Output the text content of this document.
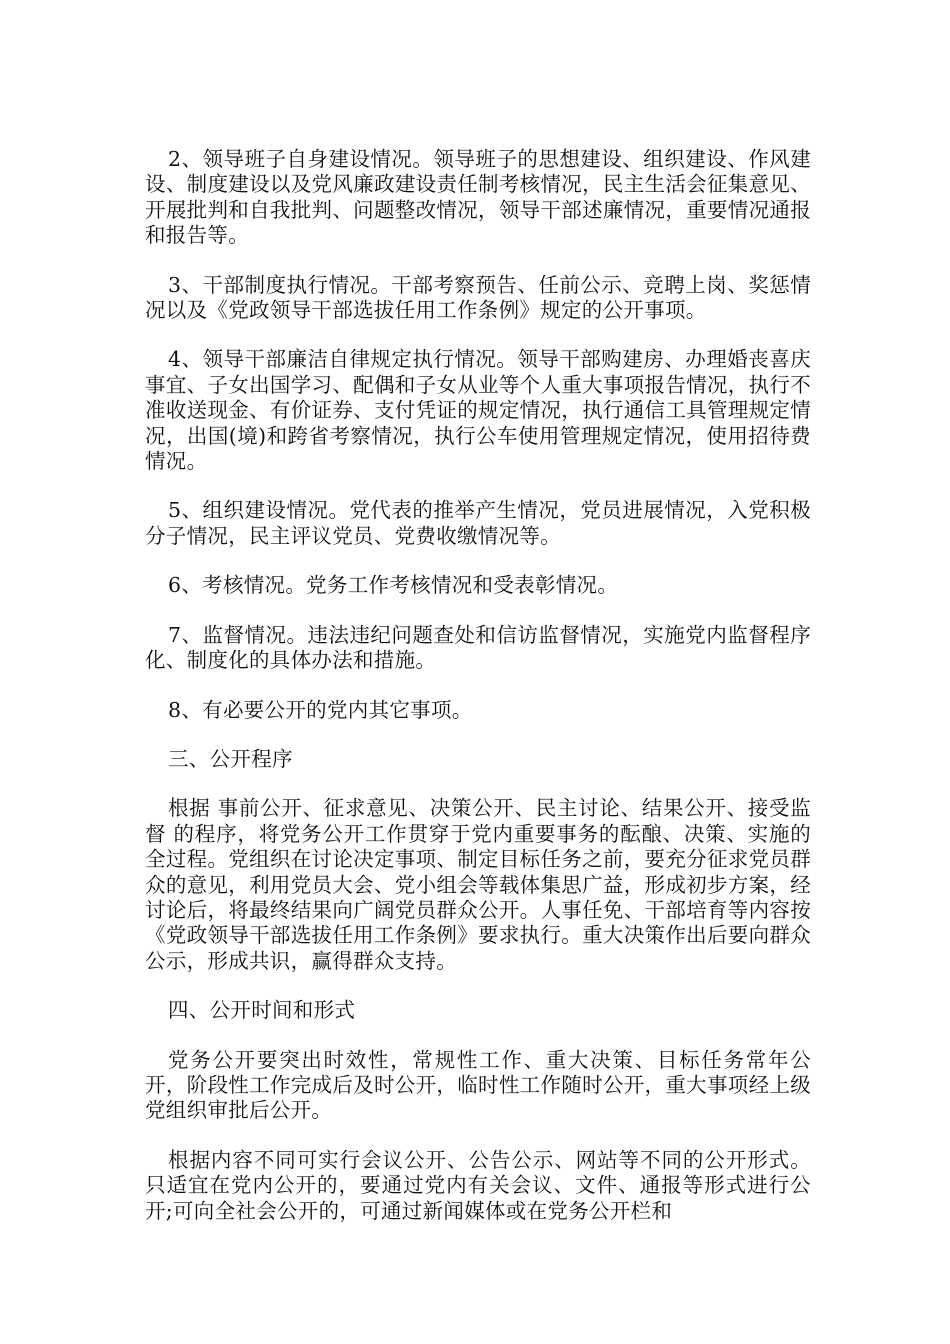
2、领导班子自身建设情况。领导班子的思想建设、组织建设、作风建设、制度建设以及党风廉政建设责任制考核情况，民主生活会征集意见、开展批判和自我批判、问题整改情况，领导干部述廉情况，重要情况通报和报告等。

3、干部制度执行情况。干部考察预告、任前公示、竞聘上岗、奖惩情况以及《党政领导干部选拔任用工作条例》规定的公开事项。

4、领导干部廉洁自律规定执行情况。领导干部购建房、办理婚丧喜庆事宜、子女出国学习、配偶和子女从业等个人重大事项报告情况，执行不准收送现金、有价证券、支付凭证的规定情况，执行通信工具管理规定情况，出国(境)和跨省考察情况，执行公车使用管理规定情况，使用招待费情况。

5、组织建设情况。党代表的推举产生情况，党员进展情况，入党积极分子情况，民主评议党员、党费收缴情况等。

6、考核情况。党务工作考核情况和受表彰情况。

7、监督情况。违法违纪问题查处和信访监督情况，实施党内监督程序化、制度化的具体办法和措施。

8、有必要公开的党内其它事项。

三、公开程序

根据 事前公开、征求意见、决策公开、民主讨论、结果公开、接受监督 的程序，将党务公开工作贯穿于党内重要事务的酝酿、决策、实施的全过程。党组织在讨论决定事项、制定目标任务之前，要充分征求党员群众的意见，利用党员大会、党小组会等载体集思广益，形成初步方案，经讨论后，将最终结果向广阔党员群众公开。人事任免、干部培育等内容按《党政领导干部选拔任用工作条例》要求执行。重大决策作出后要向群众公示，形成共识，赢得群众支持。

四、公开时间和形式

党务公开要突出时效性，常规性工作、重大决策、目标任务常年公开，阶段性工作完成后及时公开，临时性工作随时公开，重大事项经上级党组织审批后公开。

根据内容不同可实行会议公开、公告公示、网站等不同的公开形式。只适宜在党内公开的，要通过党内有关会议、文件、通报等形式进行公开;可向全社会公开的，可通过新闻媒体或在党务公开栏和
